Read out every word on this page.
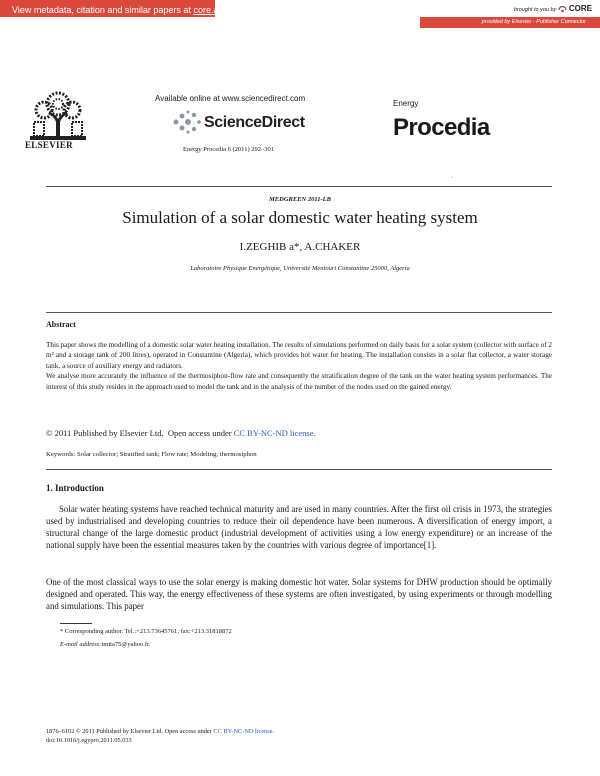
View metadata, citation and similar papers at core.ac.uk	brought to you by CORE
provided by Elsevier - Publisher Connector
ELSEVIER
Available online at www.sciencedirect.com
ScienceDirect
Energy Procedia 6 (2011) 292–301
Energy
Procedia
.
MEDGREEN 2011-LB
Simulation of a solar domestic water heating system
I.ZEGHIB a*, A.CHAKER
Laboratoire Physique Energétique, Université Mentouri Constantine 25000, Algeria
Abstract
This paper shows the modelling of a domestic solar water heating installation. The results of simulations performed on daily basis for a solar system (collector with surface of 2 m² and a storage tank of 200 litres), operated in Constantine (Algeria), which provides hot water for heating. The installation consists in a solar flat collector, a water storage tank, a source of auxiliary energy and radiators.
We analyse more accurately the influence of the thermosiphon-flow rate and consequently the stratification degree of the tank on the water heating system performances. The interest of this study resides in the approach used to model the tank and in the analysis of the number of the nodes used on the gained energy.
© 2011 Published by Elsevier Ltd. Open access under CC BY-NC-ND license.
Keywords: Solar collector; Stratified tank; Flow rate; Modeling; thermosiphon
1. Introduction
Solar water heating systems have reached technical maturity and are used in many countries. After the first oil crisis in 1973, the strategies used by industrialised and developing countries to reduce their oil dependence have been numerous. A diversification of energy import, a structural change of the large domestic product (industrial development of activities using a low energy expenditure) or an increase of the national supply have been the essential measures taken by the countries with various degree of importance[1].
One of the most classical ways to use the solar energy is making domestic hot water. Solar systems for DHW production should be optimally designed and operated. This way, the energy effectiveness of these systems are often investigated, by using experiments or through modelling and simulations. This paper
* Corresponding author. Tel.:+213.73645761; fax:+213.31818872
E-mail address:imita75@yahoo.fr.
1876–6102 © 2011 Published by Elsevier Ltd. Open access under CC BY-NC-ND license.
doi:10.1016/j.egypro.2011.05.033
